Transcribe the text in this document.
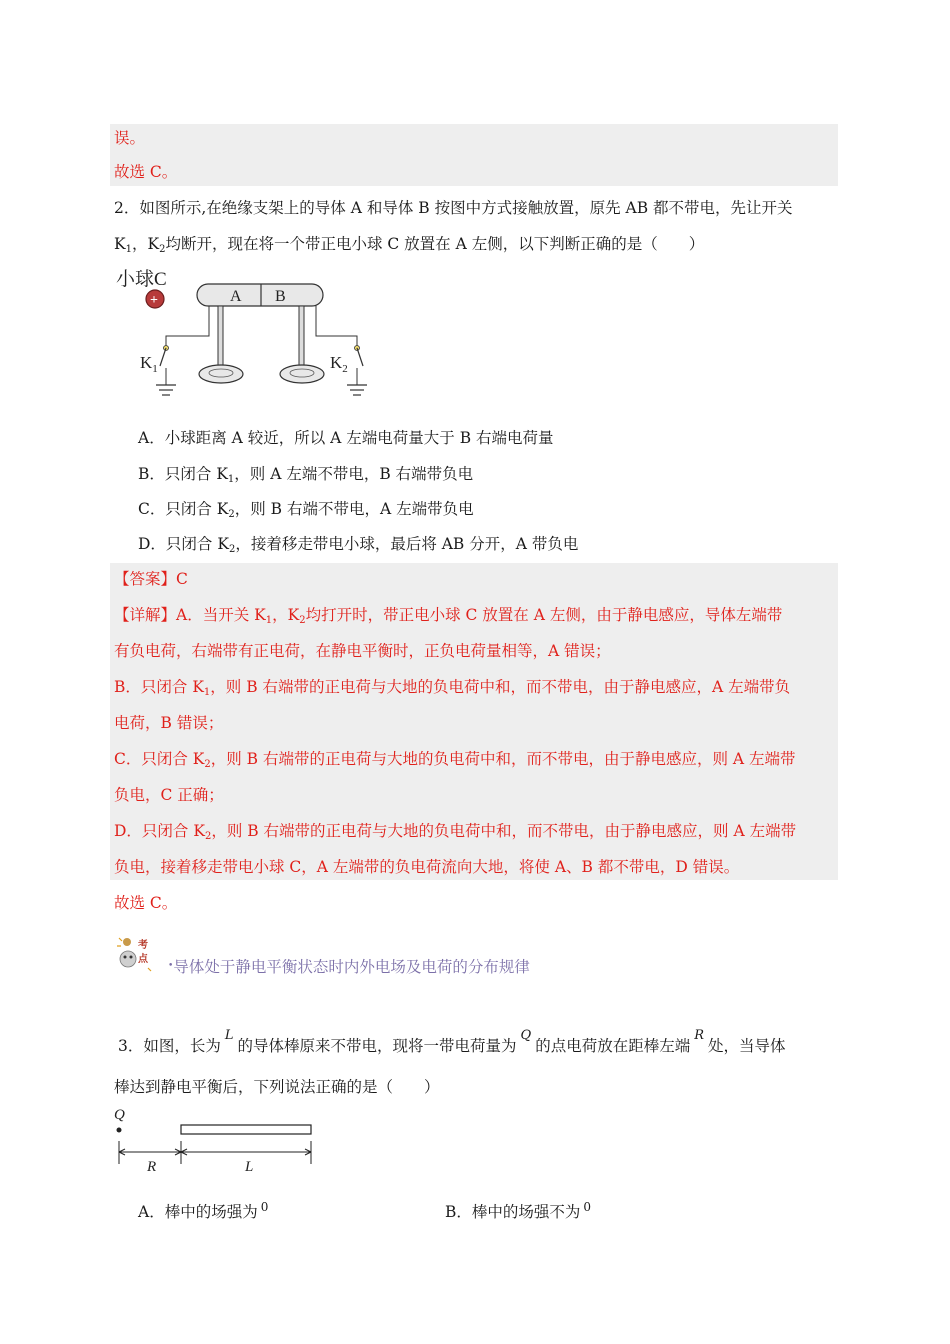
误。
故选 C。
2．如图所示,在绝缘支架上的导体 A 和导体 B 按图中方式接触放置，原先 AB 都不带电，先让开关
$K_1$，$K_2$均断开，现在将一个带正电小球 C 放置在 A 左侧，以下判断正确的是（　　）
小球C
+	A B
$K_1$	$K_2$
A．小球距离 A 较近，所以 A 左端电荷量大于 B 右端电荷量
B．只闭合 $K_1$，则 A 左端不带电，B 右端带负电
C．只闭合 $K_2$，则 B 右端不带电，A 左端带负电
D．只闭合 $K_2$，接着移走带电小球，最后将 AB 分开，A 带负电
【答案】C
【详解】A．当开关 $K_1$，$K_2$均打开时，带正电小球 C 放置在 A 左侧，由于静电感应，导体左端带
有负电荷，右端带有正电荷，在静电平衡时，正负电荷量相等，A 错误；
B．只闭合 $K_1$，则 B 右端带的正电荷与大地的负电荷中和，而不带电，由于静电感应，A 左端带负
电荷，B 错误；
C．只闭合 $K_2$，则 B 右端带的正电荷与大地的负电荷中和，而不带电，由于静电感应，则 A 左端带
负电，C 正确；
D．只闭合 $K_2$，则 B 右端带的正电荷与大地的负电荷中和，而不带电，由于静电感应，则 A 左端带
负电，接着移走带电小球 C，A 左端带的负电荷流向大地，将使 A、B 都不带电，D 错误。
故选 C。
考
点
•导体处于静电平衡状态时内外电场及电荷的分布规律
3．如图，长为$^L$的导体棒原来不带电，现将一带电荷量为$^Q$的点电荷放在距棒左端$^R$处，当导体
棒达到静电平衡后，下列说法正确的是（　　）
Q
R	L
A．棒中的场强为 $^0$	B．棒中的场强不为 $^0$
